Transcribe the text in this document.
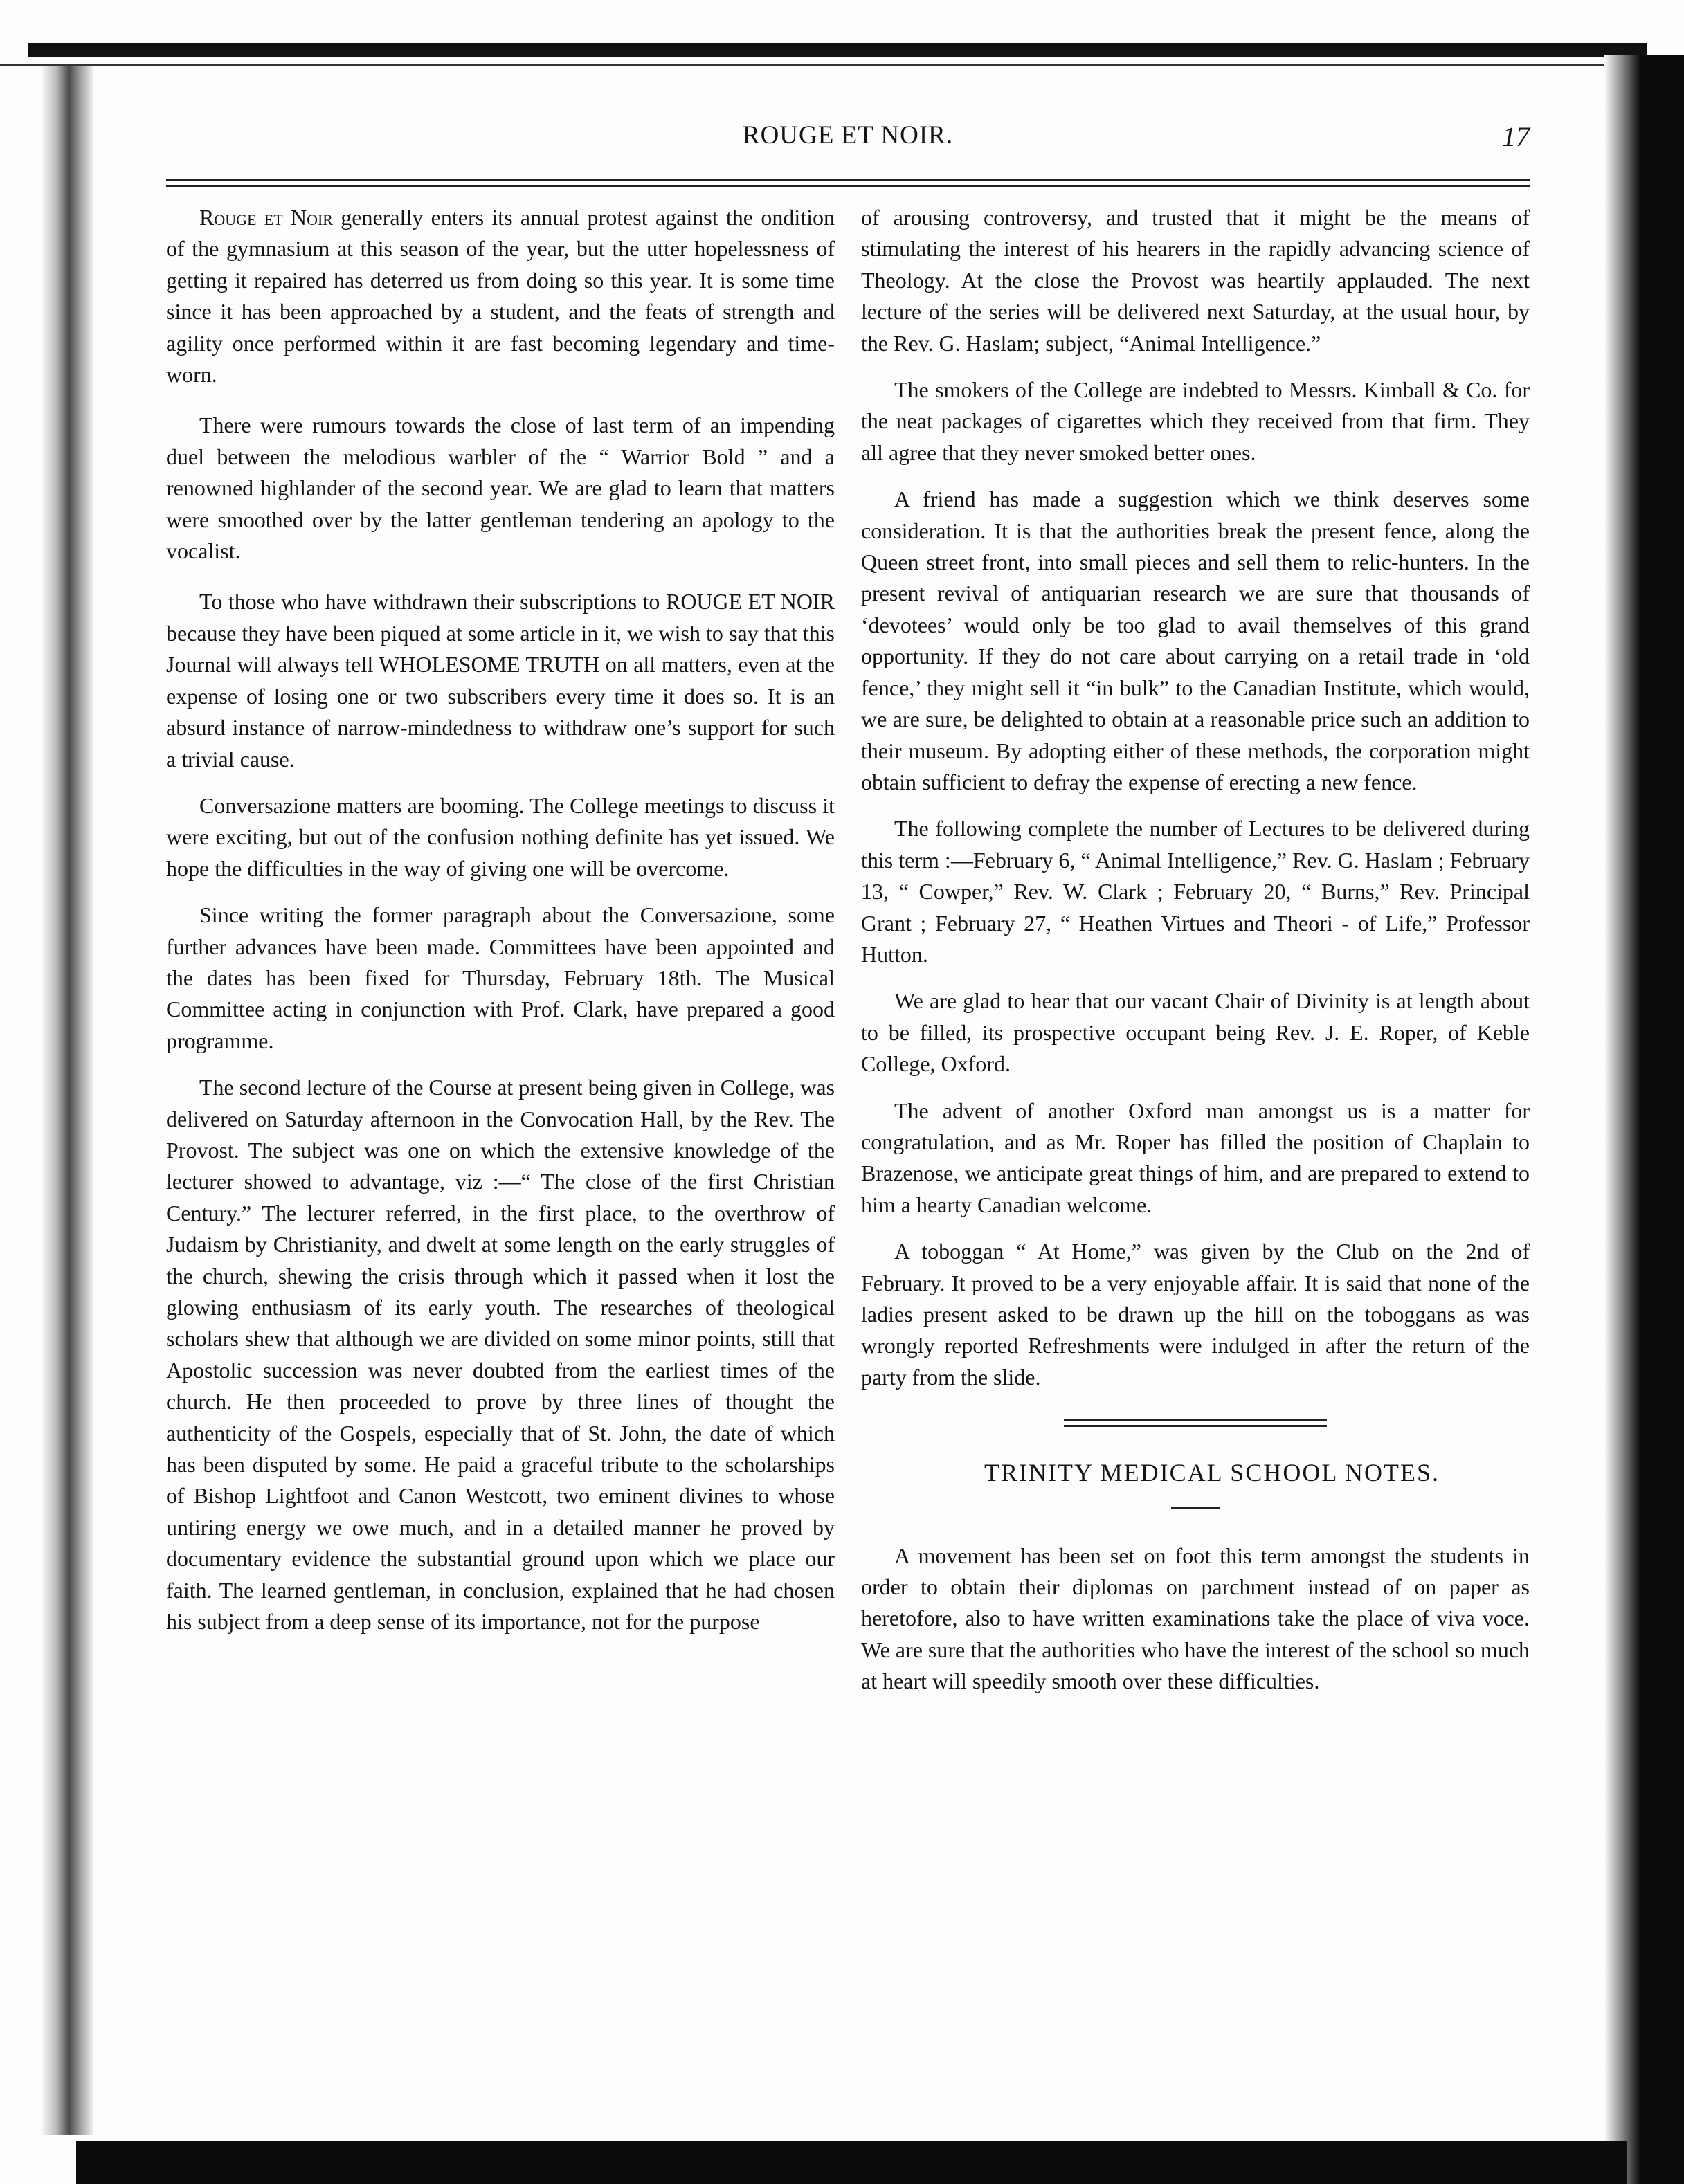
ROUGE ET NOIR.	17

Rouge et Noir generally enters its annual protest against the ondition of the gymnasium at this season of the year, but the utter hopelessness of getting it repaired has deterred us from doing so this year. It is some time since it has been approached by a student, and the feats of strength and agility once performed within it are fast becoming legendary and time-worn.

There were rumours towards the close of last term of an impending duel between the melodious warbler of the “ Warrior Bold ” and a renowned highlander of the second year. We are glad to learn that matters were smoothed over by the latter gentleman tendering an apology to the vocalist.

To those who have withdrawn their subscriptions to ROUGE ET NOIR because they have been piqued at some article in it, we wish to say that this Journal will always tell WHOLESOME TRUTH on all matters, even at the expense of losing one or two subscribers every time it does so. It is an absurd instance of narrow-mindedness to withdraw one’s support for such a trivial cause.

Conversazione matters are booming. The College meetings to discuss it were exciting, but out of the confusion nothing definite has yet issued. We hope the difficulties in the way of giving one will be overcome.

Since writing the former paragraph about the Conversazione, some further advances have been made. Committees have been appointed and the dates has been fixed for Thursday, February 18th. The Musical Committee acting in conjunction with Prof. Clark, have prepared a good programme.

The second lecture of the Course at present being given in College, was delivered on Saturday afternoon in the Convocation Hall, by the Rev. The Provost. The subject was one on which the extensive knowledge of the lecturer showed to advantage, viz :—“ The close of the first Christian Century.” The lecturer referred, in the first place, to the overthrow of Judaism by Christianity, and dwelt at some length on the early struggles of the church, shewing the crisis through which it passed when it lost the glowing enthusiasm of its early youth. The researches of theological scholars shew that although we are divided on some minor points, still that Apostolic succession was never doubted from the earliest times of the church. He then proceeded to prove by three lines of thought the authenticity of the Gospels, especially that of St. John, the date of which has been disputed by some. He paid a graceful tribute to the scholarships of Bishop Lightfoot and Canon Westcott, two eminent divines to whose untiring energy we owe much, and in a detailed manner he proved by documentary evidence the substantial ground upon which we place our faith. The learned gentleman, in conclusion, explained that he had chosen his subject from a deep sense of its importance, not for the purpose

of arousing controversy, and trusted that it might be the means of stimulating the interest of his hearers in the rapidly advancing science of Theology. At the close the Provost was heartily applauded. The next lecture of the series will be delivered next Saturday, at the usual hour, by the Rev. G. Haslam; subject, “Animal Intelligence.”

The smokers of the College are indebted to Messrs. Kimball & Co. for the neat packages of cigarettes which they received from that firm. They all agree that they never smoked better ones.

A friend has made a suggestion which we think deserves some consideration. It is that the authorities break the present fence, along the Queen street front, into small pieces and sell them to relic-hunters. In the present revival of antiquarian research we are sure that thousands of ‘devotees’ would only be too glad to avail themselves of this grand opportunity. If they do not care about carrying on a retail trade in ‘old fence,’ they might sell it “in bulk” to the Canadian Institute, which would, we are sure, be delighted to obtain at a reasonable price such an addition to their museum. By adopting either of these methods, the corporation might obtain sufficient to defray the expense of erecting a new fence.

The following complete the number of Lectures to be delivered during this term :—February 6, “ Animal Intelligence,” Rev. G. Haslam ; February 13, “ Cowper,” Rev. W. Clark ; February 20, “ Burns,” Rev. Principal Grant ; February 27, “ Heathen Virtues and Theori - of Life,” Professor Hutton.

We are glad to hear that our vacant Chair of Divinity is at length about to be filled, its prospective occupant being Rev. J. E. Roper, of Keble College, Oxford.

The advent of another Oxford man amongst us is a matter for congratulation, and as Mr. Roper has filled the position of Chaplain to Brazenose, we anticipate great things of him, and are prepared to extend to him a hearty Canadian welcome.

A toboggan “ At Home,” was given by the Club on the 2nd of February. It proved to be a very enjoyable affair. It is said that none of the ladies present asked to be drawn up the hill on the toboggans as was wrongly reported Refreshments were indulged in after the return of the party from the slide.

TRINITY MEDICAL SCHOOL NOTES.

A movement has been set on foot this term amongst the students in order to obtain their diplomas on parchment instead of on paper as heretofore, also to have written examinations take the place of viva voce. We are sure that the authorities who have the interest of the school so much at heart will speedily smooth over these difficulties.
